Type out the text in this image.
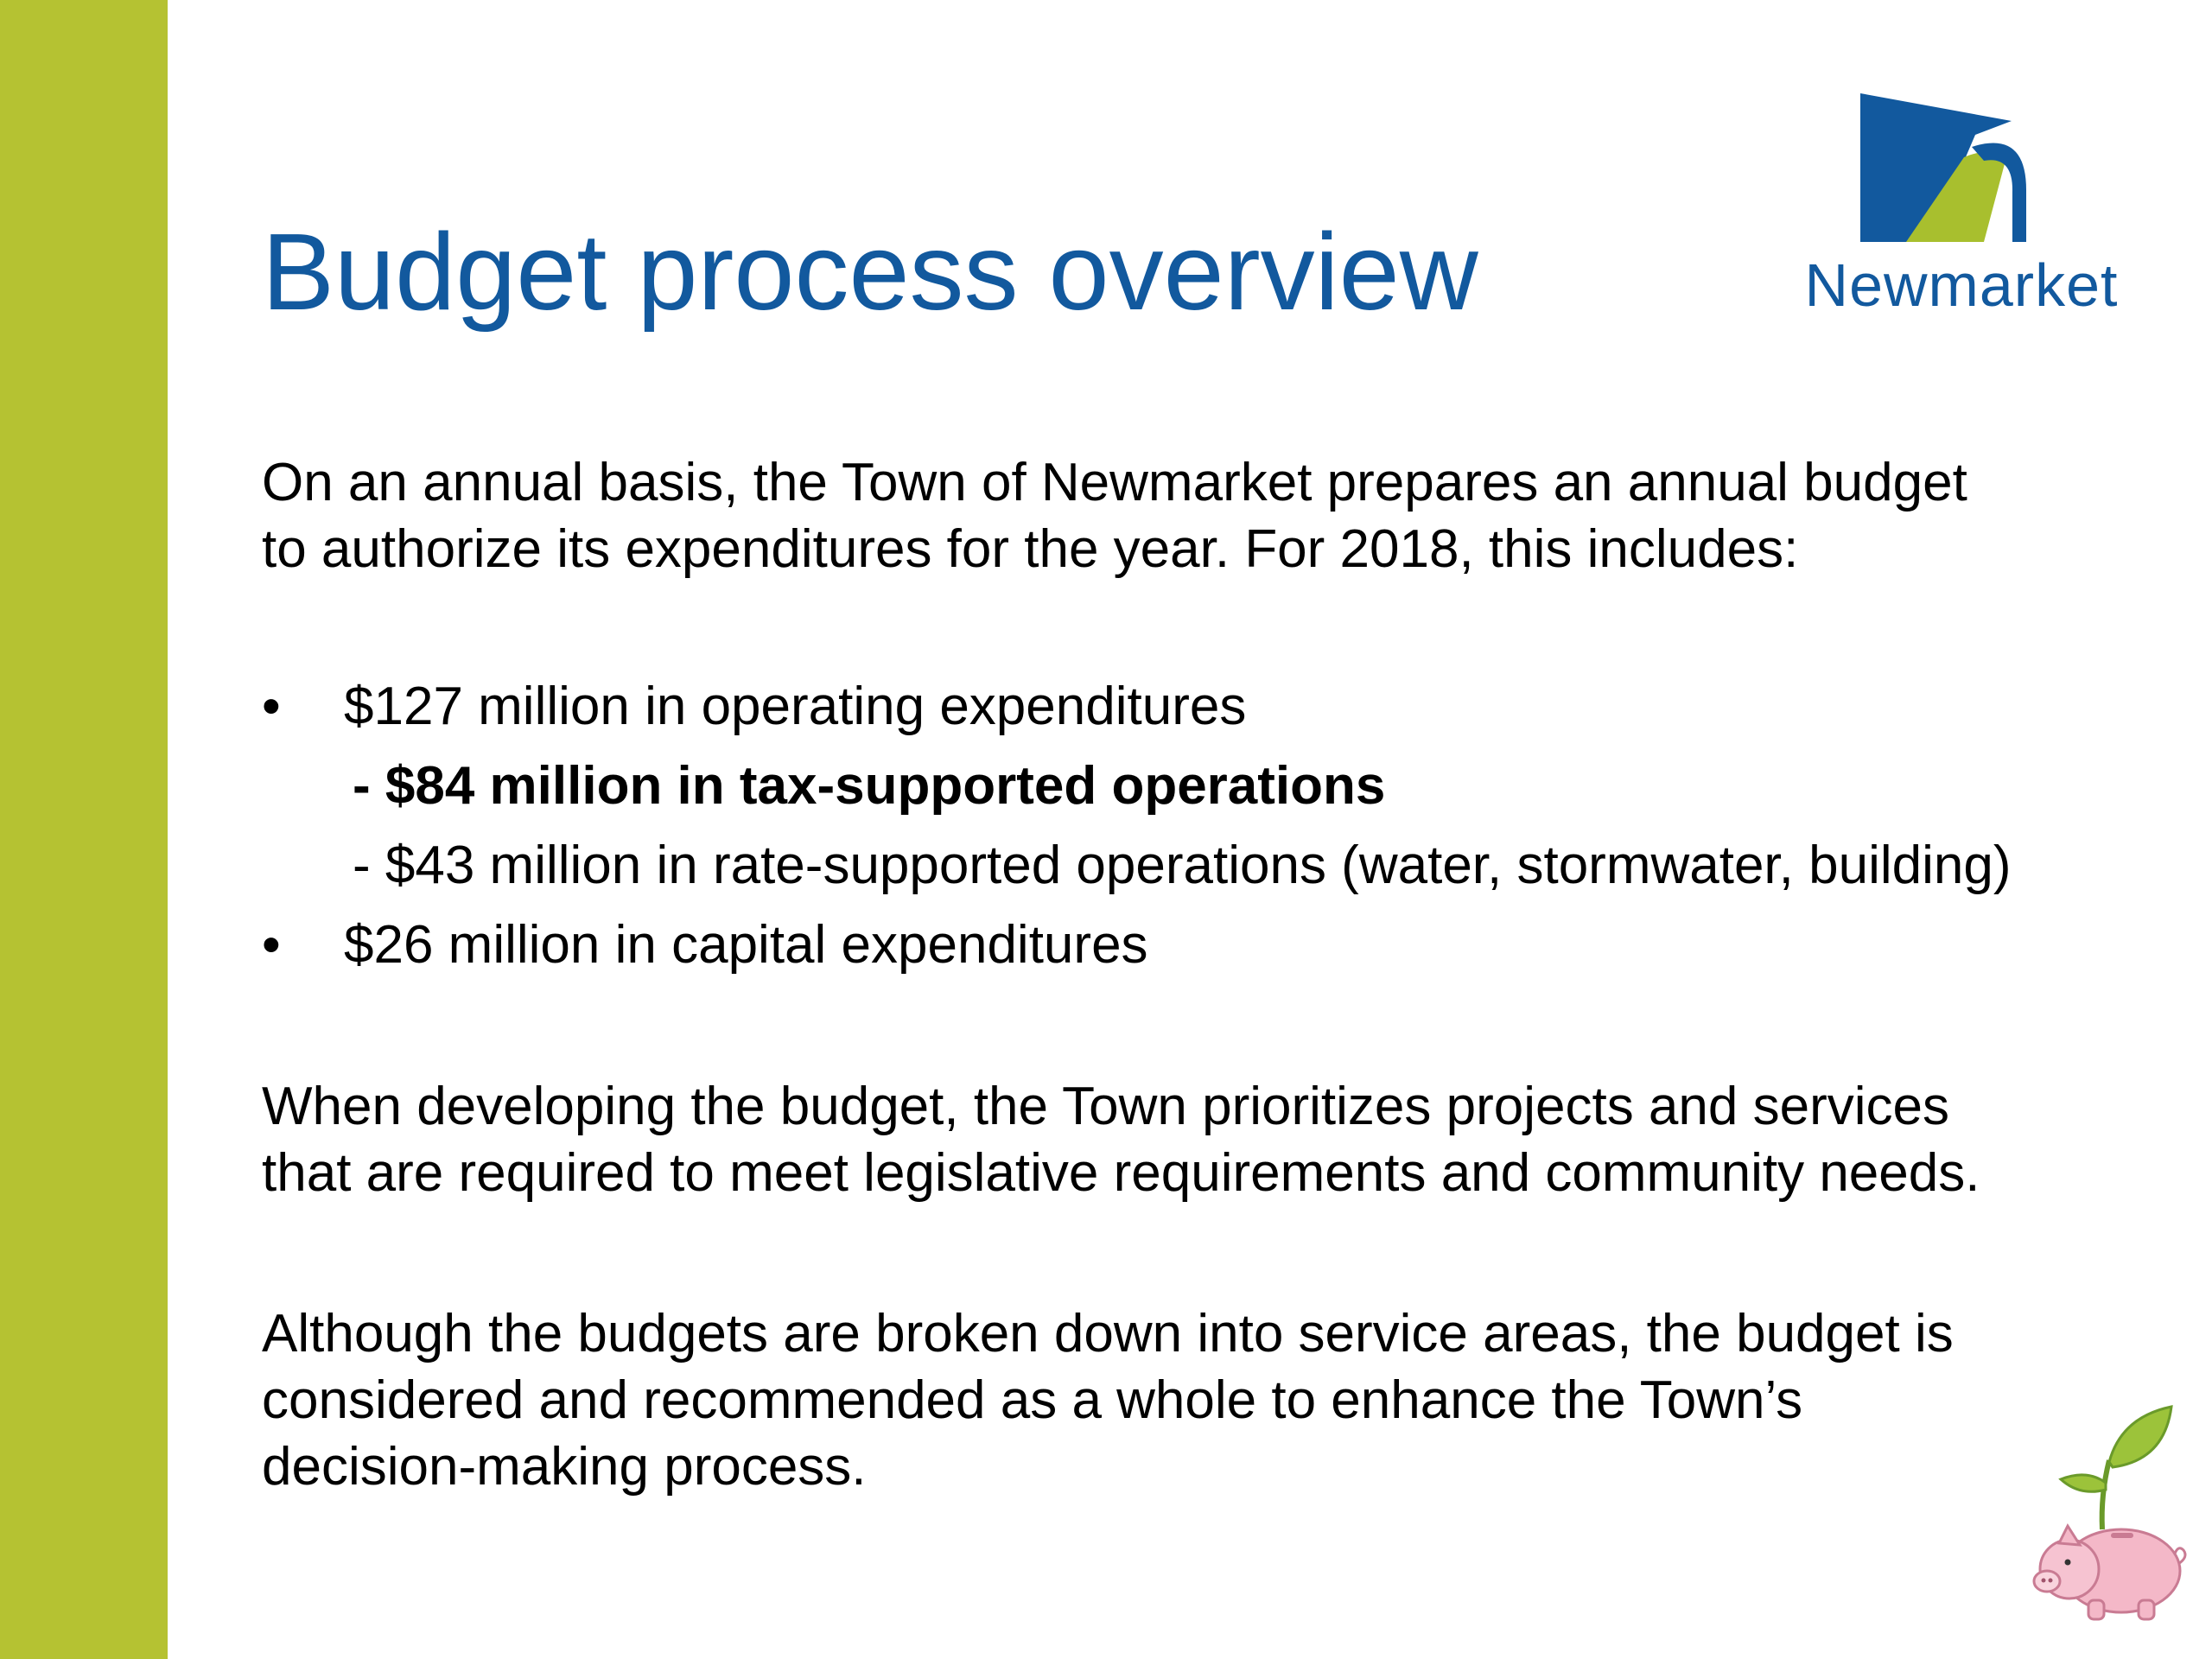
Budget process overview	Newmarket

On an annual basis, the Town of Newmarket prepares an annual budget
to authorize its expenditures for the year. For 2018, this includes:

• $127 million in operating expenditures
- $84 million in tax-supported operations
- $43 million in rate-supported operations (water, stormwater, building)
• $26 million in capital expenditures

When developing the budget, the Town prioritizes projects and services
that are required to meet legislative requirements and community needs.

Although the budgets are broken down into service areas, the budget is
considered and recommended as a whole to enhance the Town’s
decision-making process.
